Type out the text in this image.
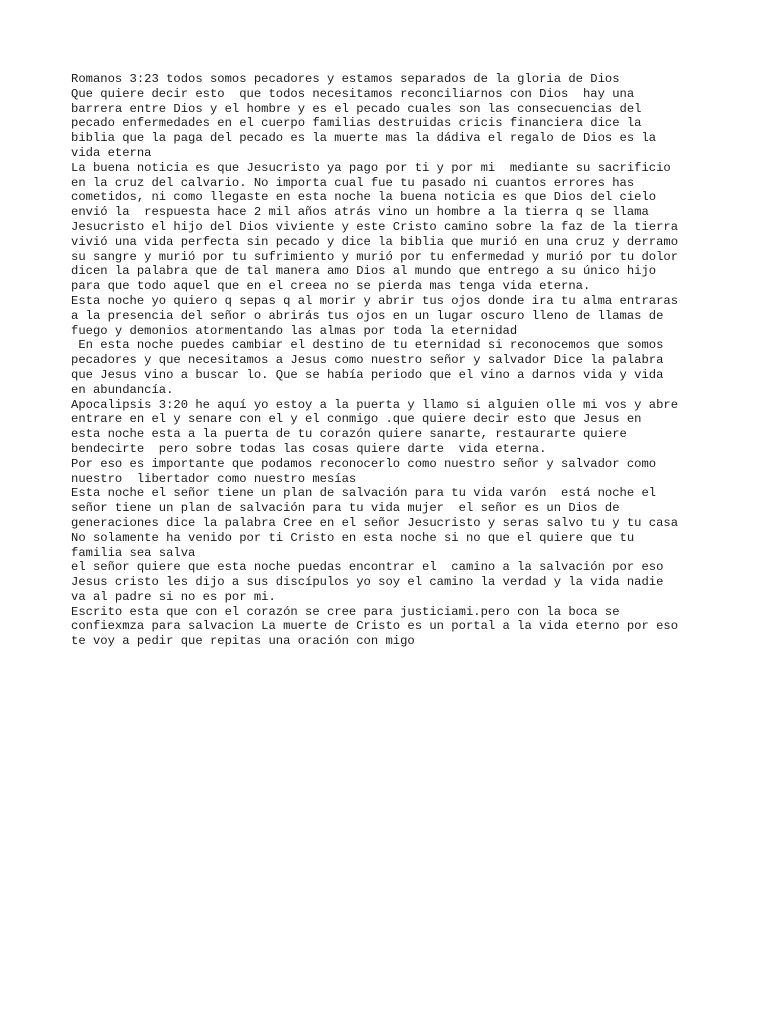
Romanos 3:23 todos somos pecadores y estamos separados de la gloria de Dios
Que quiere decir esto  que todos necesitamos reconciliarnos con Dios  hay una
barrera entre Dios y el hombre y es el pecado cuales son las consecuencias del
pecado enfermedades en el cuerpo familias destruidas cricis financiera dice la
biblia que la paga del pecado es la muerte mas la dádiva el regalo de Dios es la
vida eterna
La buena noticia es que Jesucristo ya pago por ti y por mi  mediante su sacrificio
en la cruz del calvario. No importa cual fue tu pasado ni cuantos errores has
cometidos, ni como llegaste en esta noche la buena noticia es que Dios del cielo
envió la  respuesta hace 2 mil años atrás vino un hombre a la tierra q se llama
Jesucristo el hijo del Dios viviente y este Cristo camino sobre la faz de la tierra
vivió una vida perfecta sin pecado y dice la biblia que murió en una cruz y derramo
su sangre y murió por tu sufrimiento y murió por tu enfermedad y murió por tu dolor
dicen la palabra que de tal manera amo Dios al mundo que entrego a su único hijo
para que todo aquel que en el creea no se pierda mas tenga vida eterna.
Esta noche yo quiero q sepas q al morir y abrir tus ojos donde ira tu alma entraras
a la presencia del señor o abrirás tus ojos en un lugar oscuro lleno de llamas de
fuego y demonios atormentando las almas por toda la eternidad
En esta noche puedes cambiar el destino de tu eternidad si reconocemos que somos
pecadores y que necesitamos a Jesus como nuestro señor y salvador Dice la palabra
que Jesus vino a buscar lo. Que se había periodo que el vino a darnos vida y vida
en abundancía.
Apocalipsis 3:20 he aquí yo estoy a la puerta y llamo si alguien olle mi vos y abre
entrare en el y senare con el y el conmigo .que quiere decir esto que Jesus en
esta noche esta a la puerta de tu corazón quiere sanarte, restaurarte quiere
bendecirte  pero sobre todas las cosas quiere darte  vida eterna.
Por eso es importante que podamos reconocerlo como nuestro señor y salvador como
nuestro  libertador como nuestro mesías
Esta noche el señor tiene un plan de salvación para tu vida varón  está noche el
señor tiene un plan de salvación para tu vida mujer  el señor es un Dios de
generaciones dice la palabra Cree en el señor Jesucristo y seras salvo tu y tu casa
No solamente ha venido por ti Cristo en esta noche si no que el quiere que tu
familia sea salva
el señor quiere que esta noche puedas encontrar el  camino a la salvación por eso
Jesus cristo les dijo a sus discípulos yo soy el camino la verdad y la vida nadie
va al padre si no es por mi.
Escrito esta que con el corazón se cree para justiciami.pero con la boca se
confiexmza para salvacion La muerte de Cristo es un portal a la vida eterno por eso
te voy a pedir que repitas una oración con migo
